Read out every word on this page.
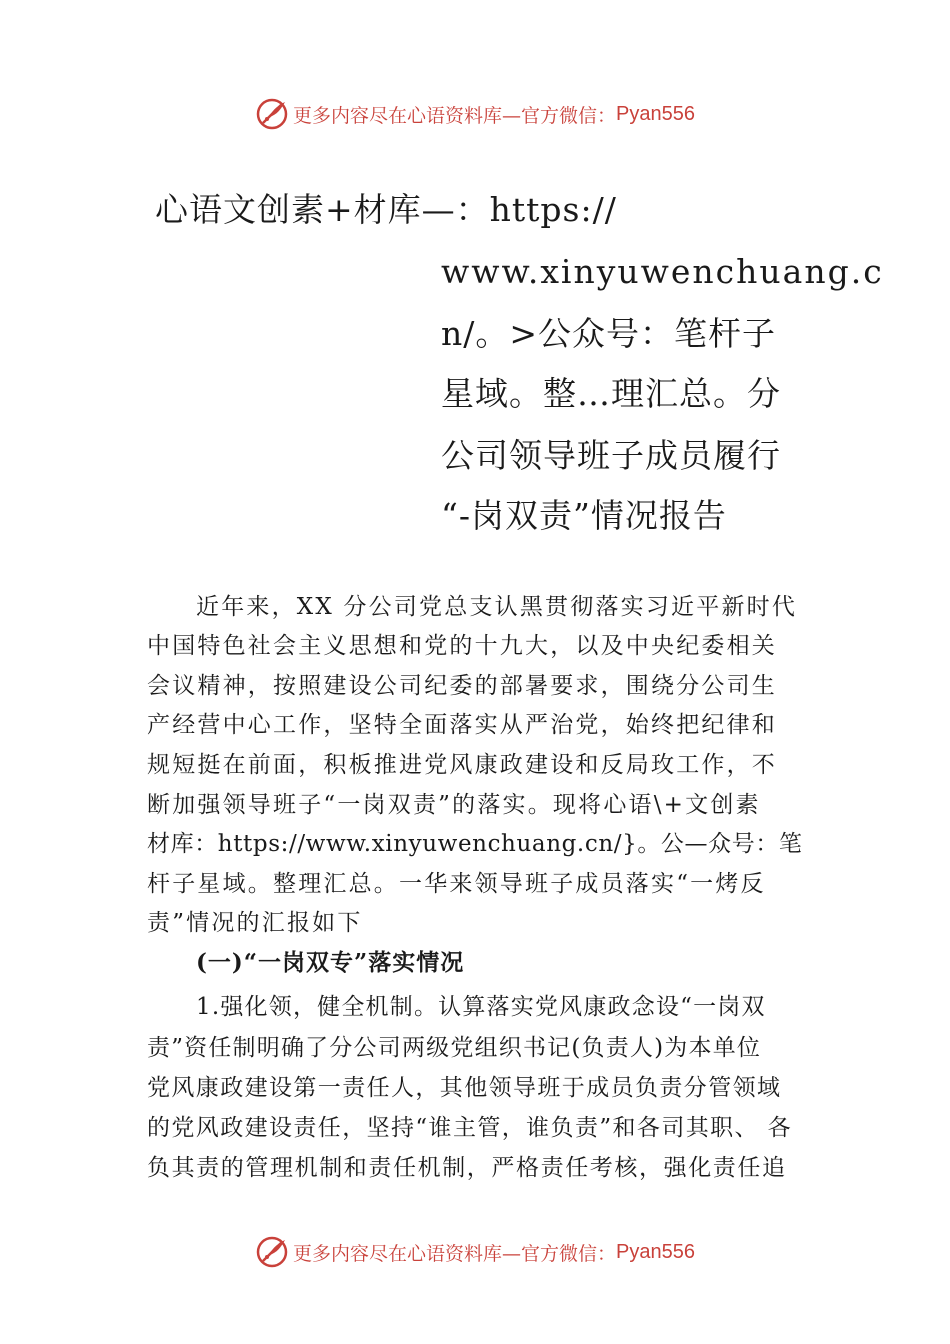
更多内容尽在心语资料库— 官方微信： Pyan556
心语文创素+材库—：https://
www.xinyuwenchuang.c
n/。>公众号：笔杆子
星域。整…理汇总。分
公司领导班子成员履行
“-岗双责”情况报告
近年来，XX 分公司党总支认黑贯彻落实习近平新时代
中国特色社会主义思想和党的十九大，以及中央纪委相关
会议精神，按照建设公司纪委的部暑要求，围绕分公司生
产经营中心工作，坚特全面落实从严治党，始终把纪律和
规短挺在前面，积板推进党风康政建设和反局玫工作，不
断加强领导班子“一岗双责”的落实。现将心语\+文创素
材库：https://www.xinyuwenchuang.cn/}。公—众号：笔
杆子星域。整理汇总。一华来领导班子成员落实“一烤反
责”情况的汇报如下
(一)“一岗双专”落实情况
1.强化领，健全机制。认算落实党风康政念设“一岗双
责”资任制明确了分公司两级党组织书记(负责人)为本单位
党风康政建设第一责任人，其他领导班于成员负责分管领域
的党风政建设责任，坚持“谁主管，谁负责”和各司其职、 各
负其责的管理机制和责任机制，严格责任考核，强化责任追
更多内容尽在心语资料库— 官方微信： Pyan556
